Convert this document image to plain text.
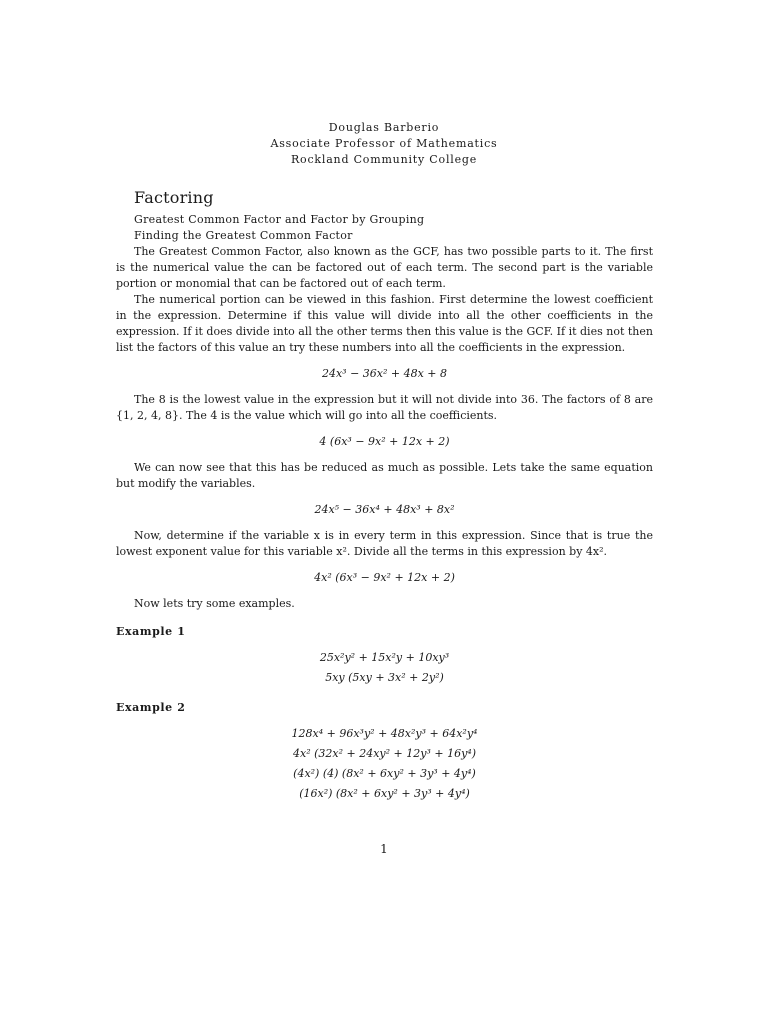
Douglas Barberio
Associate Professor of Mathematics
Rockland Community College
Factoring
Greatest Common Factor and Factor by Grouping
Finding the Greatest Common Factor

The Greatest Common Factor, also known as the GCF, has two possible parts to it. The first is the numerical value the can be factored out of each term. The second part is the variable portion or monomial that can be factored out of each term.

The numerical portion can be viewed in this fashion. First determine the lowest coefficient in the expression. Determine if this value will divide into all the other coefficients in the expression. If it does divide into all the other terms then this value is the GCF. If it dies not then list the factors of this value an try these numbers into all the coefficients in the expression.

24x³ − 36x² + 48x + 8

The 8 is the lowest value in the expression but it will not divide into 36. The factors of 8 are {1, 2, 4, 8}. The 4 is the value which will go into all the coefficients.

4 (6x³ − 9x² + 12x + 2)

We can now see that this has be reduced as much as possible. Lets take the same equation but modify the variables.

24x⁵ − 36x⁴ + 48x³ + 8x²

Now, determine if the variable x is in every term in this expression. Since that is true the lowest exponent value for this variable x². Divide all the terms in this expression by 4x².

4x² (6x³ − 9x² + 12x + 2)

Now lets try some examples.

Example 1
25x²y² + 15x²y + 10xy³
5xy (5xy + 3x² + 2y²)
Example 2
128x⁴ + 96x³y² + 48x²y³ + 64x²y⁴
4x² (32x² + 24xy² + 12y³ + 16y⁴)
(4x²) (4) (8x² + 6xy² + 3y³ + 4y⁴)
(16x²) (8x² + 6xy² + 3y³ + 4y⁴)
1
